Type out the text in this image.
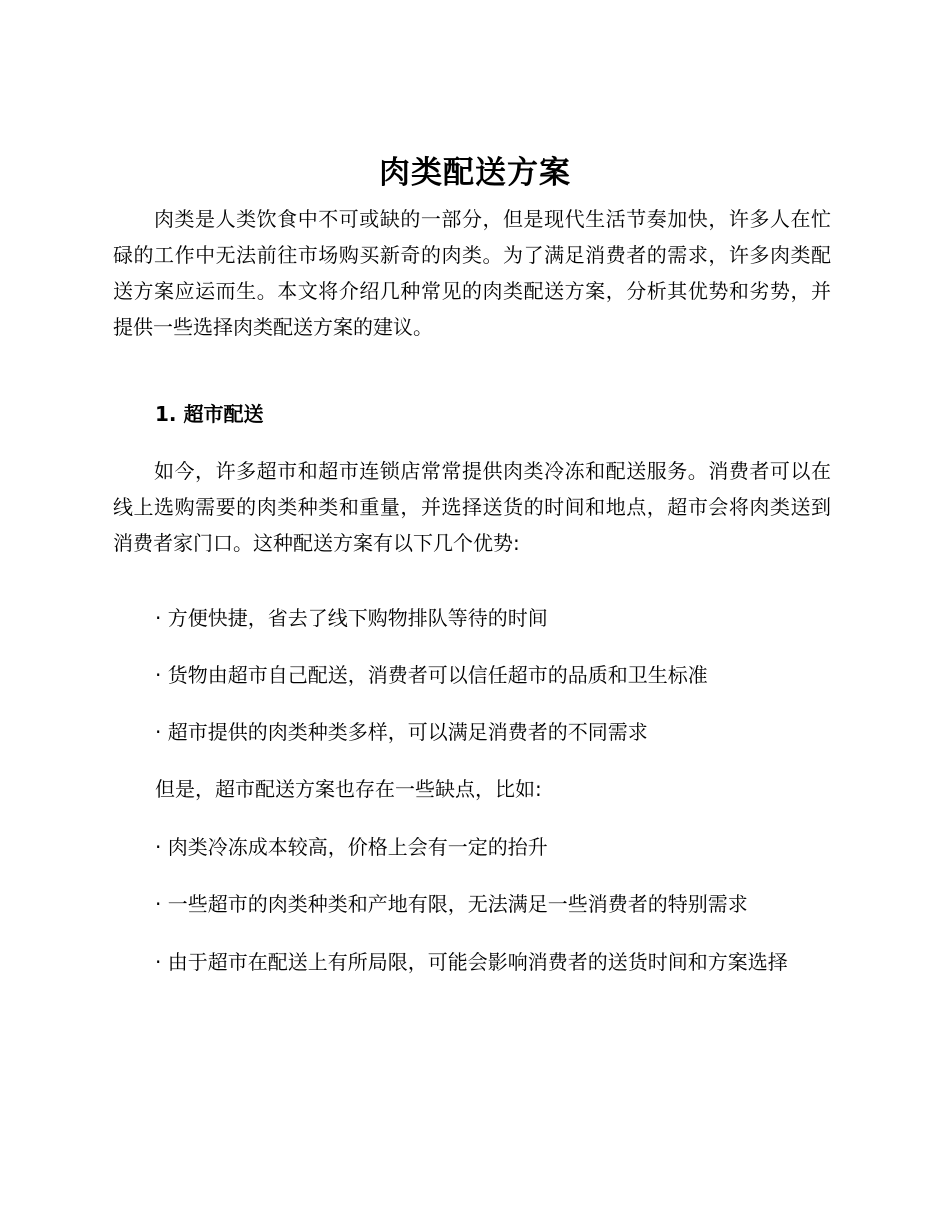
肉类配送方案

肉类是人类饮食中不可或缺的一部分，但是现代生活节奏加快，许多人在忙碌的工作中无法前往市场购买新奇的肉类。为了满足消费者的需求，许多肉类配送方案应运而生。本文将介绍几种常见的肉类配送方案，分析其优势和劣势，并提供一些选择肉类配送方案的建议。

1. 超市配送

如今，许多超市和超市连锁店常常提供肉类冷冻和配送服务。消费者可以在线上选购需要的肉类种类和重量，并选择送货的时间和地点，超市会将肉类送到消费者家门口。这种配送方案有以下几个优势:

· 方便快捷，省去了线下购物排队等待的时间

· 货物由超市自己配送，消费者可以信任超市的品质和卫生标准

· 超市提供的肉类种类多样，可以满足消费者的不同需求

但是，超市配送方案也存在一些缺点，比如:

· 肉类冷冻成本较高，价格上会有一定的抬升

· 一些超市的肉类种类和产地有限，无法满足一些消费者的特别需求

· 由于超市在配送上有所局限，可能会影响消费者的送货时间和方案选择
